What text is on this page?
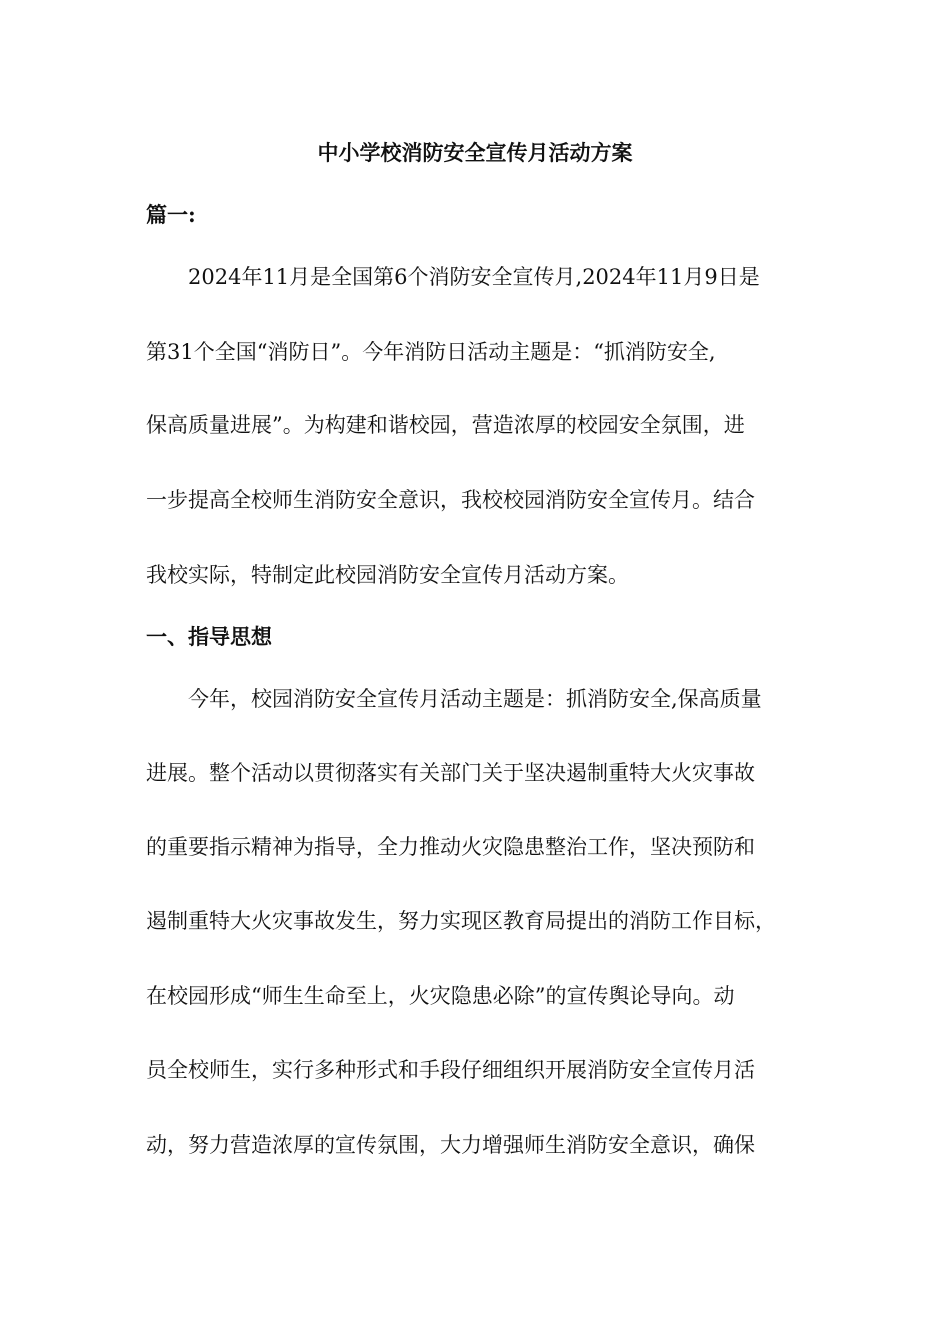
中小学校消防安全宣传月活动方案
篇一:
2024年11月是全国第6个消防安全宣传月,2024年11月9日是
第31个全国“消防日”。今年消防日活动主题是：“抓消防安全,
保高质量进展”。为构建和谐校园，营造浓厚的校园安全氛围，进
一步提高全校师生消防安全意识，我校校园消防安全宣传月。结合
我校实际，特制定此校园消防安全宣传月活动方案。
一、指导思想
今年，校园消防安全宣传月活动主题是：抓消防安全,保高质量
进展。整个活动以贯彻落实有关部门关于坚决遏制重特大火灾事故
的重要指示精神为指导，全力推动火灾隐患整治工作，坚决预防和
遏制重特大火灾事故发生，努力实现区教育局提出的消防工作目标，
在校园形成“师生生命至上，火灾隐患必除”的宣传舆论导向。动
员全校师生，实行多种形式和手段仔细组织开展消防安全宣传月活
动，努力营造浓厚的宣传氛围，大力增强师生消防安全意识，确保
